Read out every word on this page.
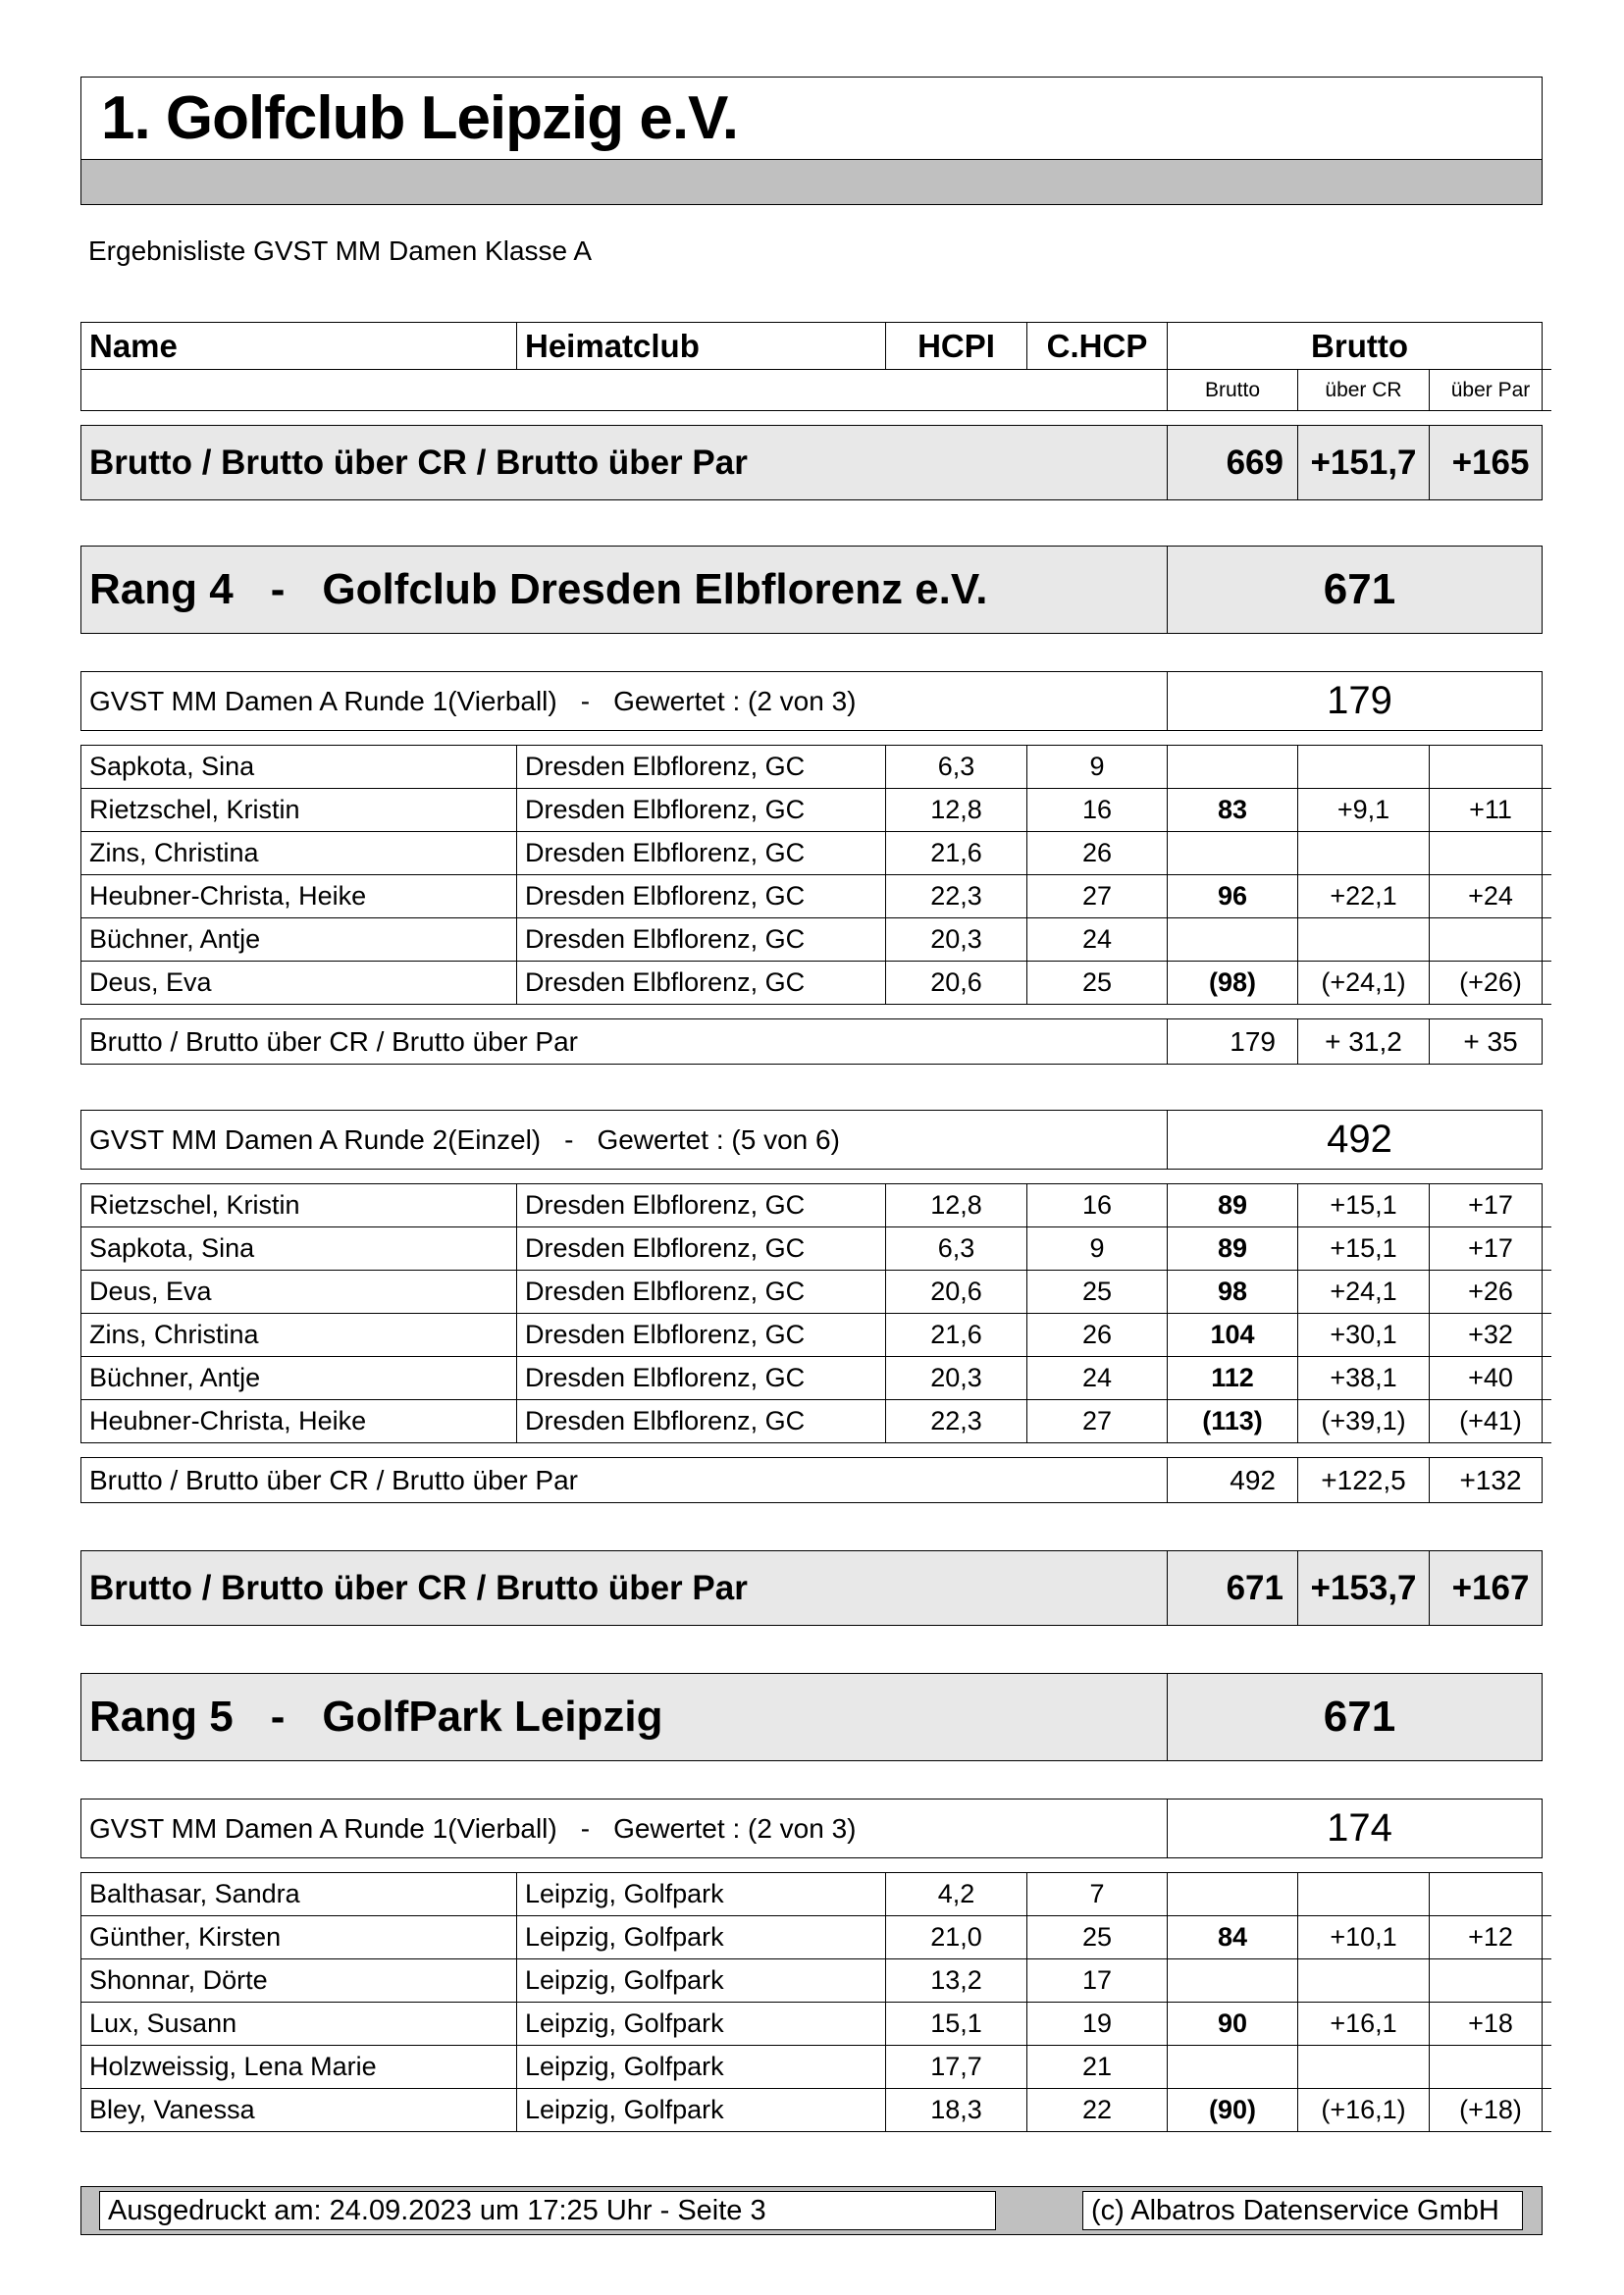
1. Golfclub Leipzig e.V.
Ergebnisliste GVST MM Damen Klasse A
Name	Heimatclub	HCPI	C.HCP	Brutto
Brutto	über CR	über Par
Brutto / Brutto über CR / Brutto über Par	669 +151,7	+165
Rang 4 - Golfclub Dresden Elbflorenz e.V.	671
GVST MM Damen A Runde 1(Vierball) - Gewertet : (2 von 3)	179
Sapkota, Sina	Dresden Elbflorenz, GC	6,3	9
Rietzschel, Kristin	Dresden Elbflorenz, GC	12,8	16	83	+9,1	+11
Zins, Christina	Dresden Elbflorenz, GC	21,6	26
Heubner-Christa, Heike	Dresden Elbflorenz, GC	22,3	27	96	+22,1	+24
Büchner, Antje	Dresden Elbflorenz, GC	20,3	24
Deus, Eva	Dresden Elbflorenz, GC	20,6	25	(98)	(+24,1)	(+26)
Brutto / Brutto über CR / Brutto über Par	179	+ 31,2	+ 35
GVST MM Damen A Runde 2(Einzel) - Gewertet : (5 von 6)	492
Rietzschel, Kristin	Dresden Elbflorenz, GC	12,8	16	89	+15,1	+17
Sapkota, Sina	Dresden Elbflorenz, GC	6,3	9	89	+15,1	+17
Deus, Eva	Dresden Elbflorenz, GC	20,6	25	98	+24,1	+26
Zins, Christina	Dresden Elbflorenz, GC	21,6	26	104	+30,1	+32
Büchner, Antje	Dresden Elbflorenz, GC	20,3	24	112	+38,1	+40
Heubner-Christa, Heike	Dresden Elbflorenz, GC	22,3	27	(113)	(+39,1)	(+41)
Brutto / Brutto über CR / Brutto über Par	492	+122,5	+132
Brutto / Brutto über CR / Brutto über Par	671 +153,7	+167
Rang 5 - GolfPark Leipzig	671
GVST MM Damen A Runde 1(Vierball) - Gewertet : (2 von 3)	174
Balthasar, Sandra	Leipzig, Golfpark	4,2	7
Günther, Kirsten	Leipzig, Golfpark	21,0	25	84	+10,1	+12
Shonnar, Dörte	Leipzig, Golfpark	13,2	17
Lux, Susann	Leipzig, Golfpark	15,1	19	90	+16,1	+18
Holzweissig, Lena Marie	Leipzig, Golfpark	17,7	21
Bley, Vanessa	Leipzig, Golfpark	18,3	22	(90)	(+16,1)	(+18)
Ausgedruckt am: 24.09.2023 um 17:25 Uhr - Seite 3	(c) Albatros Datenservice GmbH
